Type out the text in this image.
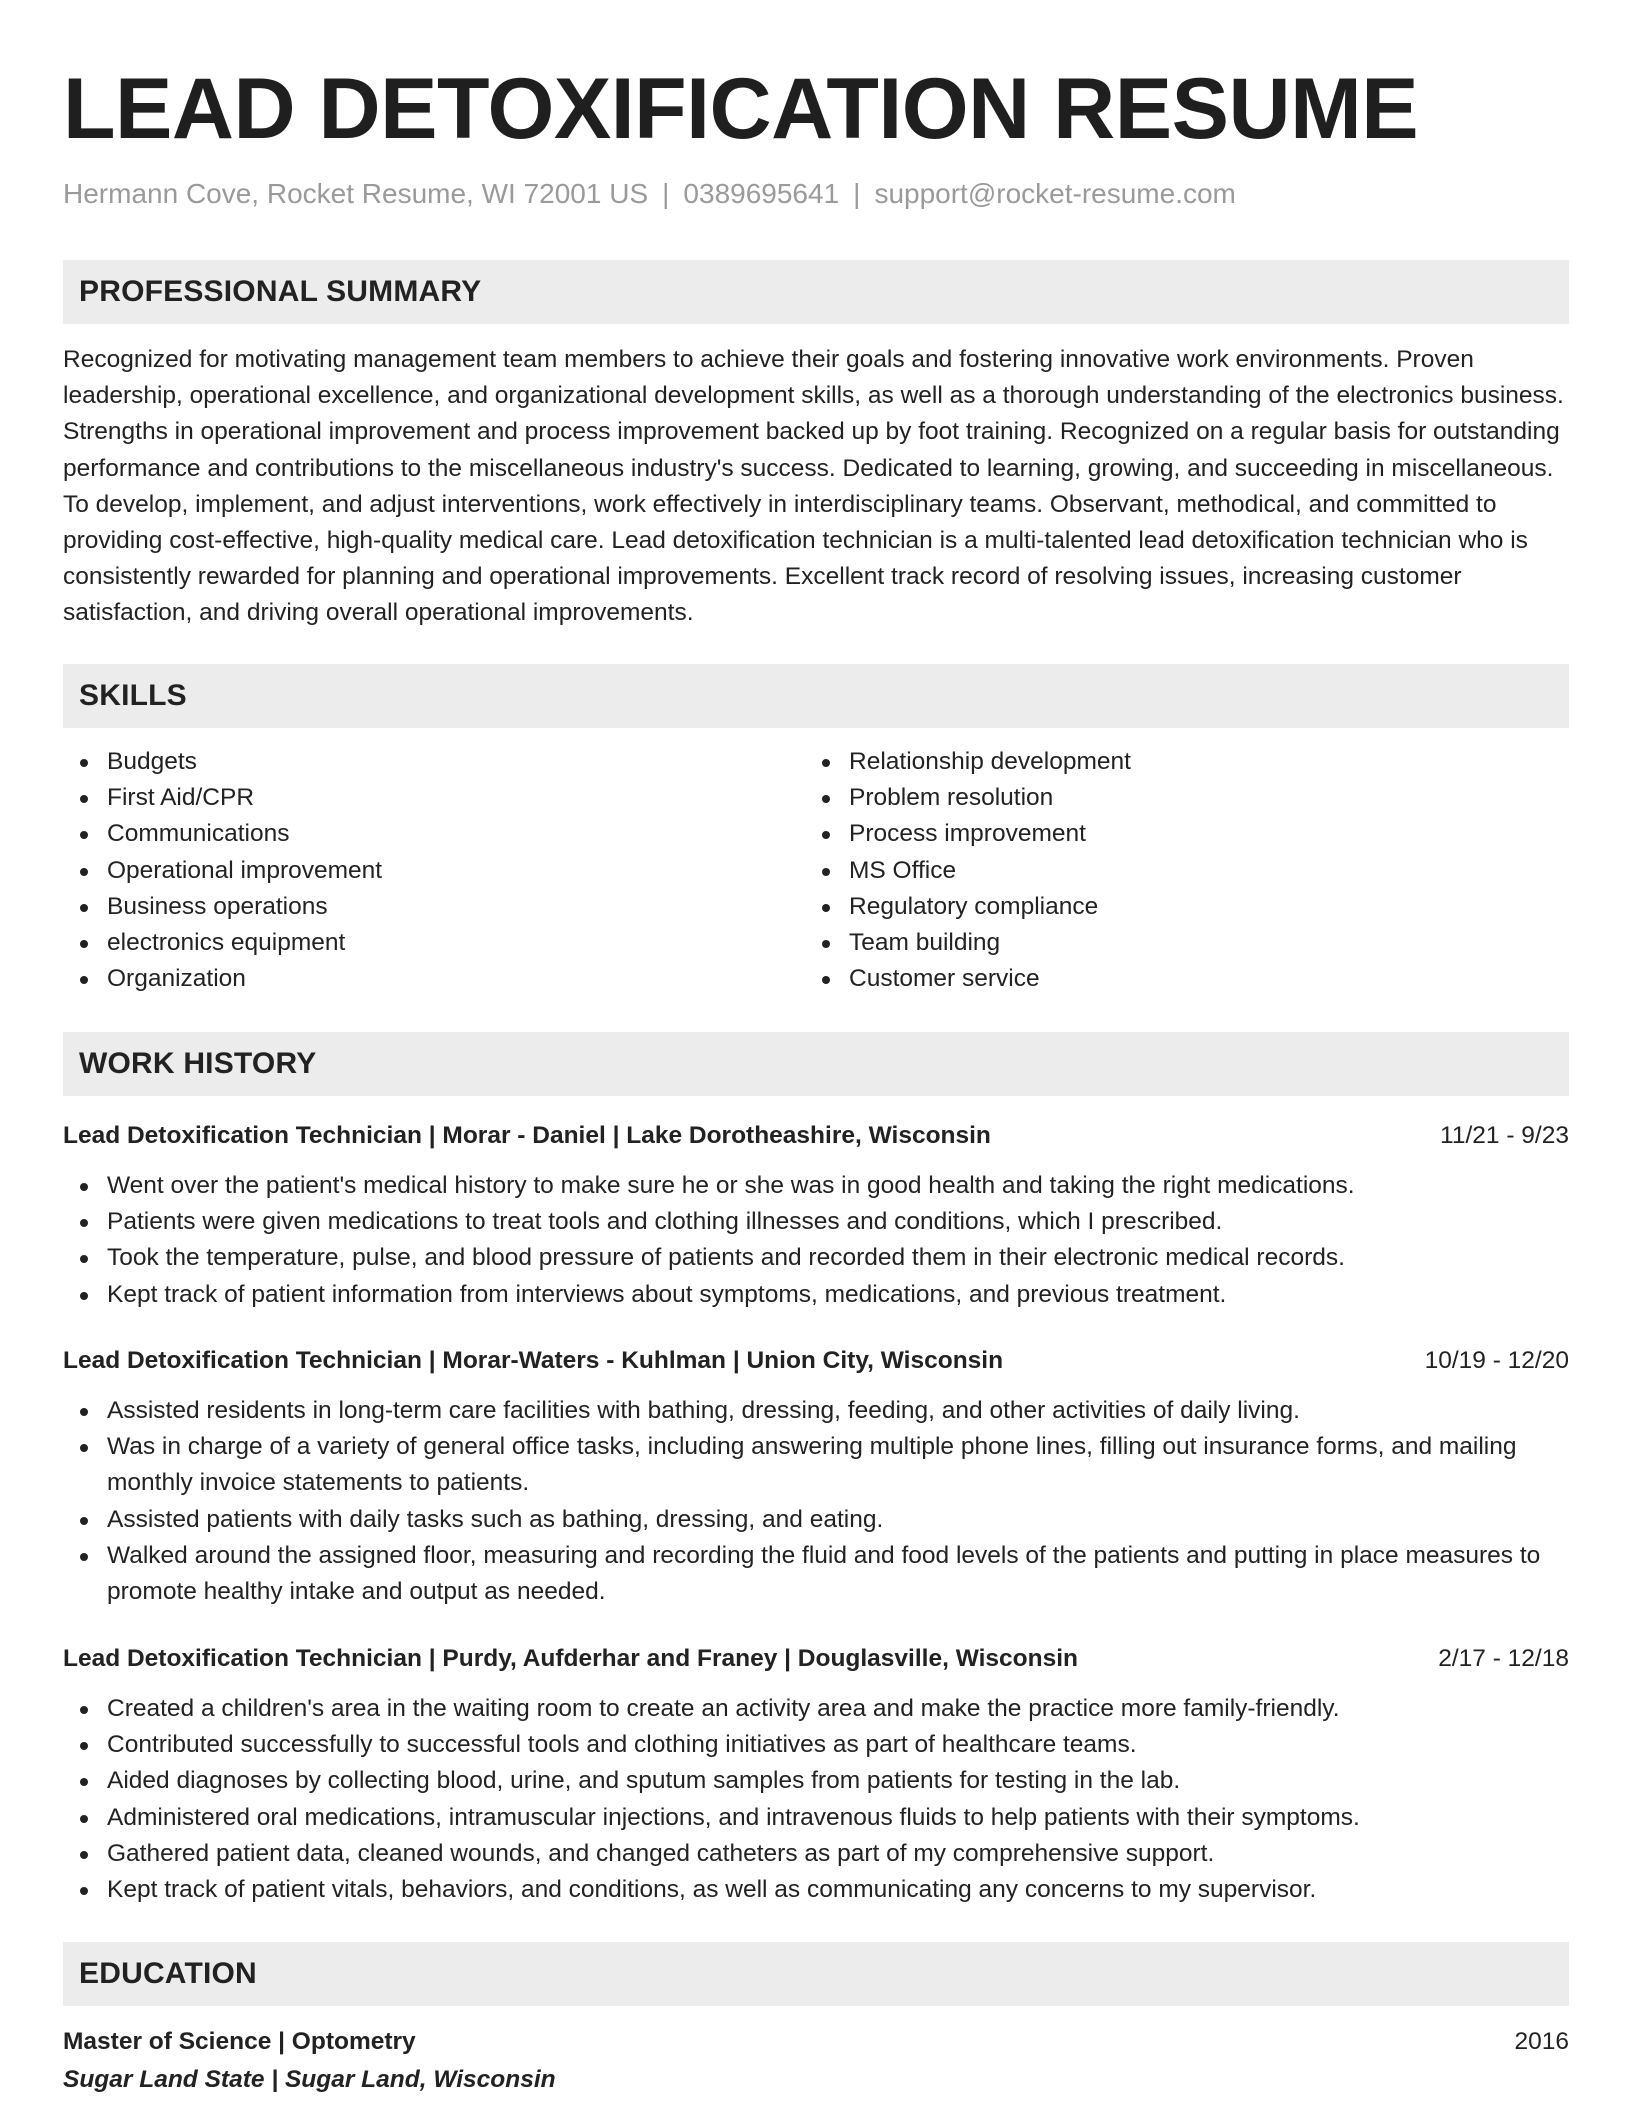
LEAD DETOXIFICATION RESUME
Hermann Cove, Rocket Resume, WI 72001 US | 0389695641 | support@rocket-resume.com
PROFESSIONAL SUMMARY

Recognized for motivating management team members to achieve their goals and fostering innovative work environments. Proven leadership, operational excellence, and organizational development skills, as well as a thorough understanding of the electronics business. Strengths in operational improvement and process improvement backed up by foot training. Recognized on a regular basis for outstanding performance and contributions to the miscellaneous industry's success. Dedicated to learning, growing, and succeeding in miscellaneous. To develop, implement, and adjust interventions, work effectively in interdisciplinary teams. Observant, methodical, and committed to providing cost-effective, high-quality medical care. Lead detoxification technician is a multi-talented lead detoxification technician who is consistently rewarded for planning and operational improvements. Excellent track record of resolving issues, increasing customer satisfaction, and driving overall operational improvements.

SKILLS
Budgets
First Aid/CPR
Communications
Operational improvement
Business operations
electronics equipment
Organization
Relationship development
Problem resolution
Process improvement
MS Office
Regulatory compliance
Team building
Customer service
WORK HISTORY
Lead Detoxification Technician | Morar - Daniel | Lake Dorotheashire, Wisconsin	11/21 - 9/23
Went over the patient's medical history to make sure he or she was in good health and taking the right medications.
Patients were given medications to treat tools and clothing illnesses and conditions, which I prescribed.
Took the temperature, pulse, and blood pressure of patients and recorded them in their electronic medical records.
Kept track of patient information from interviews about symptoms, medications, and previous treatment.
Lead Detoxification Technician | Morar-Waters - Kuhlman | Union City, Wisconsin	10/19 - 12/20
Assisted residents in long-term care facilities with bathing, dressing, feeding, and other activities of daily living.
Was in charge of a variety of general office tasks, including answering multiple phone lines, filling out insurance forms, and mailing monthly invoice statements to patients.
Assisted patients with daily tasks such as bathing, dressing, and eating.
Walked around the assigned floor, measuring and recording the fluid and food levels of the patients and putting in place measures to promote healthy intake and output as needed.
Lead Detoxification Technician | Purdy, Aufderhar and Franey | Douglasville, Wisconsin	2/17 - 12/18
Created a children's area in the waiting room to create an activity area and make the practice more family-friendly.
Contributed successfully to successful tools and clothing initiatives as part of healthcare teams.
Aided diagnoses by collecting blood, urine, and sputum samples from patients for testing in the lab.
Administered oral medications, intramuscular injections, and intravenous fluids to help patients with their symptoms.
Gathered patient data, cleaned wounds, and changed catheters as part of my comprehensive support.
Kept track of patient vitals, behaviors, and conditions, as well as communicating any concerns to my supervisor.
EDUCATION
Master of Science | Optometry	2016
Sugar Land State | Sugar Land, Wisconsin
